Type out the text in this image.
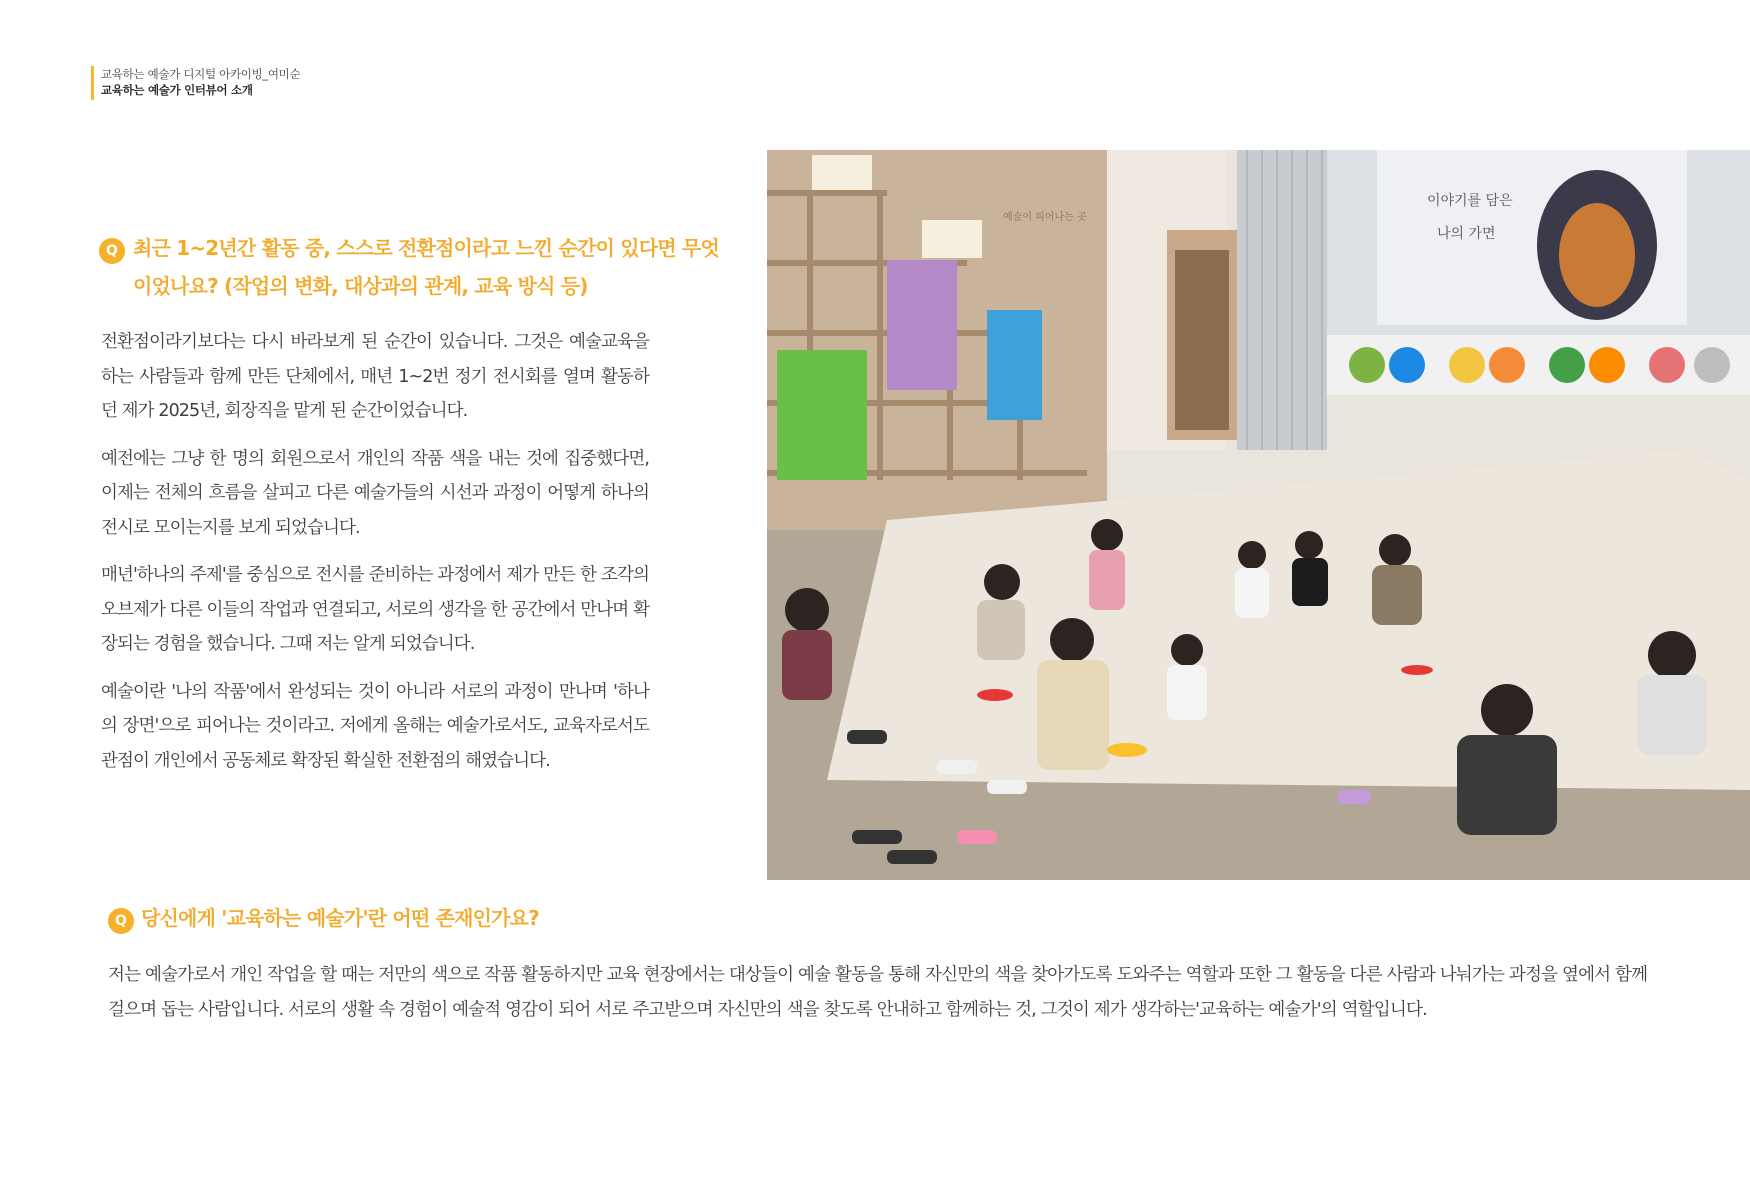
교육하는 예술가 디지털 아카이빙_여미순
교육하는 예술가 인터뷰어 소개
Q 최근 1~2년간 활동 중, 스스로 전환점이라고 느낀 순간이 있다면 무엇
이었나요? (작업의 변화, 대상과의 관계, 교육 방식 등)

전환점이라기보다는 다시 바라보게 된 순간이 있습니다. 그것은 예술교육을 하는 사람들과 함께 만든 단체에서, 매년 1~2번 정기 전시회를 열며 활동하던 제가 2025년, 회장직을 맡게 된 순간이었습니다.

예전에는 그냥 한 명의 회원으로서 개인의 작품 색을 내는 것에 집중했다면, 이제는 전체의 흐름을 살피고 다른 예술가들의 시선과 과정이 어떻게 하나의 전시로 모이는지를 보게 되었습니다.

매년'하나의 주제'를 중심으로 전시를 준비하는 과정에서 제가 만든 한 조각의 오브제가 다른 이들의 작업과 연결되고, 서로의 생각을 한 공간에서 만나며 확장되는 경험을 했습니다. 그때 저는 알게 되었습니다.

예술이란 '나의 작품'에서 완성되는 것이 아니라 서로의 과정이 만나며 '하나의 장면'으로 피어나는 것이라고. 저에게 올해는 예술가로서도, 교육자로서도 관점이 개인에서 공동체로 확장된 확실한 전환점의 해였습니다.

이야기를 담은
나의 가면
예술이 피어나는 곳
Q 당신에게 '교육하는 예술가'란 어떤 존재인가요?

저는 예술가로서 개인 작업을 할 때는 저만의 색으로 작품 활동하지만 교육 현장에서는 대상들이 예술 활동을 통해 자신만의 색을 찾아가도록 도와주는 역할과 또한 그 활동을 다른 사람과 나눠가는 과정을 옆에서 함께 걸으며 돕는 사람입니다. 서로의 생활 속 경험이 예술적 영감이 되어 서로 주고받으며 자신만의 색을 찾도록 안내하고 함께하는 것, 그것이 제가 생각하는'교육하는 예술가'의 역할입니다.
